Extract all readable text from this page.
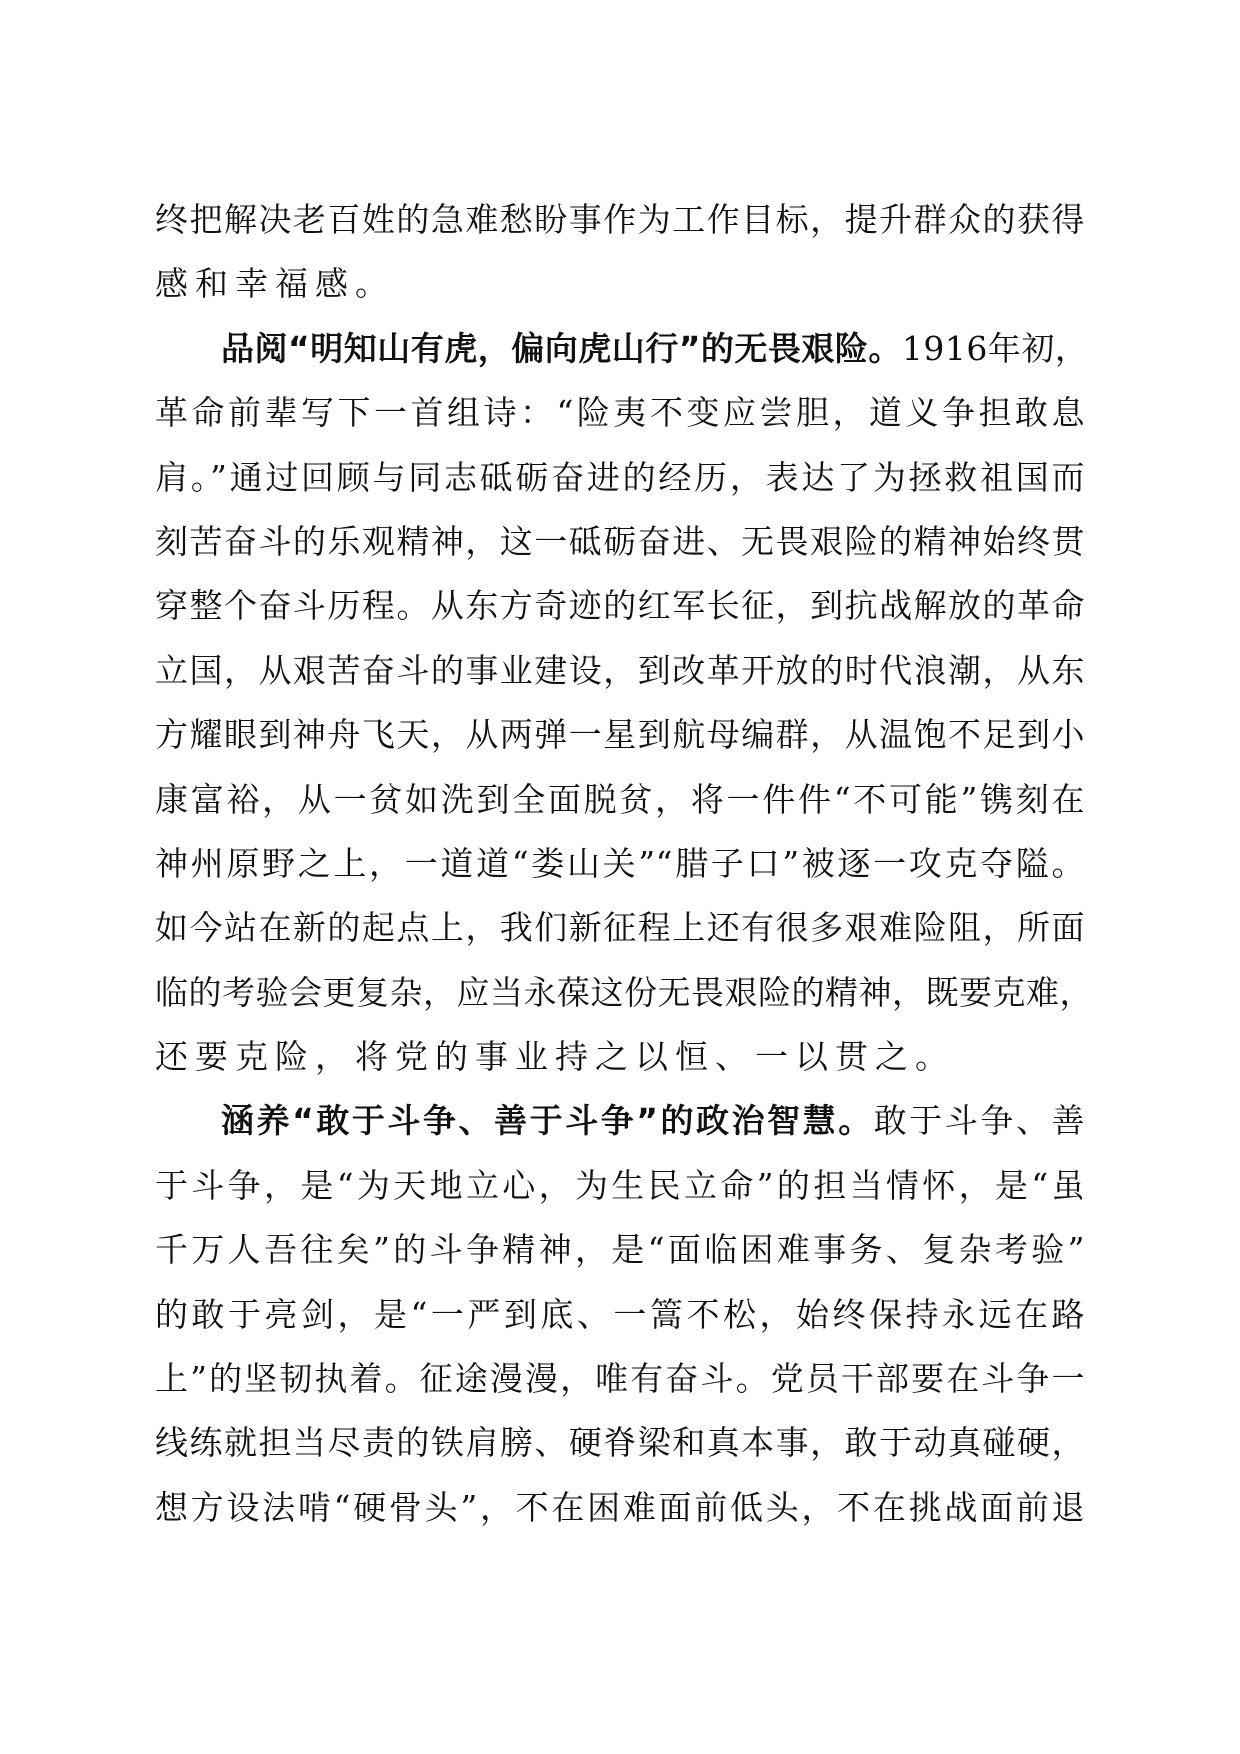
终把解决老百姓的急难愁盼事作为工作目标，提升群众的获得
感和幸福感。
品阅“明知山有虎，偏向虎山行”的无畏艰险。1916年初，
革命前辈写下一首组诗：“险夷不变应尝胆，道义争担敢息
肩。”通过回顾与同志砥砺奋进的经历，表达了为拯救祖国而
刻苦奋斗的乐观精神，这一砥砺奋进、无畏艰险的精神始终贯
穿整个奋斗历程。从东方奇迹的红军长征，到抗战解放的革命
立国，从艰苦奋斗的事业建设，到改革开放的时代浪潮，从东
方耀眼到神舟飞天，从两弹一星到航母编群，从温饱不足到小
康富裕，从一贫如洗到全面脱贫，将一件件“不可能”镌刻在
神州原野之上，一道道“娄山关”“腊子口”被逐一攻克夺隘。
如今站在新的起点上，我们新征程上还有很多艰难险阻，所面
临的考验会更复杂，应当永葆这份无畏艰险的精神，既要克难，
还要克险，将党的事业持之以恒、一以贯之。
涵养“敢于斗争、善于斗争”的政治智慧。敢于斗争、善
于斗争，是“为天地立心，为生民立命”的担当情怀，是“虽
千万人吾往矣”的斗争精神，是“面临困难事务、复杂考验”
的敢于亮剑，是“一严到底、一篙不松，始终保持永远在路
上”的坚韧执着。征途漫漫，唯有奋斗。党员干部要在斗争一
线练就担当尽责的铁肩膀、硬脊梁和真本事，敢于动真碰硬，
想方设法啃“硬骨头”，不在困难面前低头，不在挑战面前退
